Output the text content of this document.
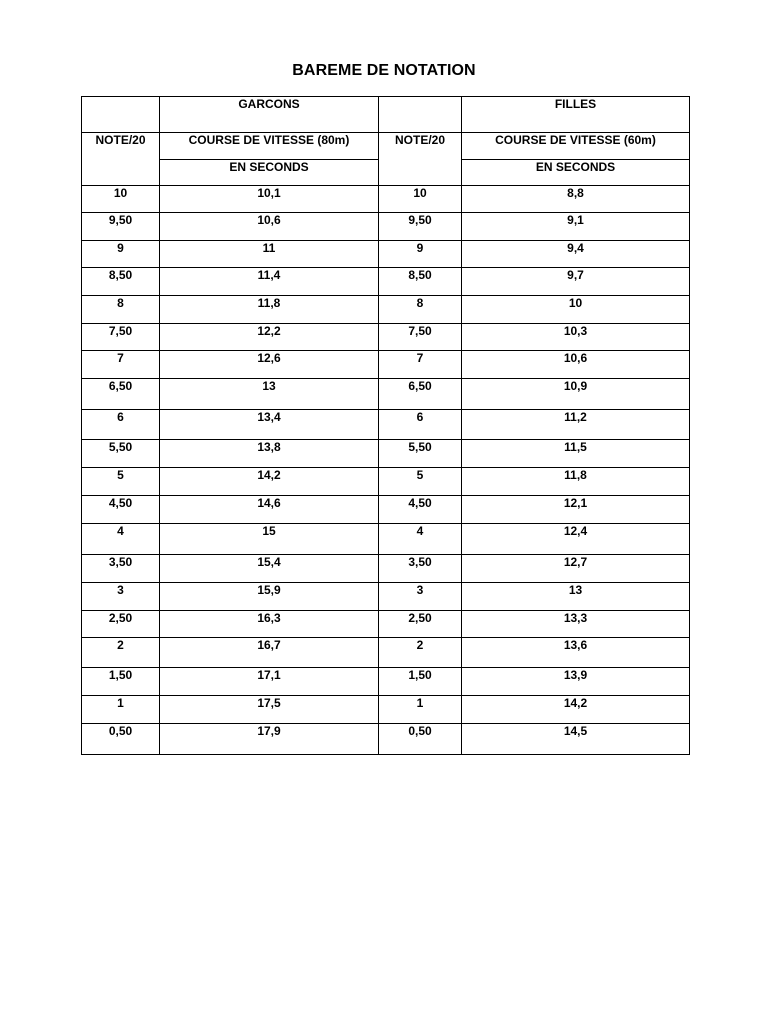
BAREME DE NOTATION
	GARCONS		FILLES
NOTE/20	COURSE DE VITESSE (80m)	NOTE/20	COURSE DE VITESSE (60m)
	EN SECONDS		EN SECONDS
10	10,1	10	8,8
9,50	10,6	9,50	9,1
9	11	9	9,4
8,50	11,4	8,50	9,7
8	11,8	8	10
7,50	12,2	7,50	10,3
7	12,6	7	10,6
6,50	13	6,50	10,9
6	13,4	6	11,2
5,50	13,8	5,50	11,5
5	14,2	5	11,8
4,50	14,6	4,50	12,1
4	15	4	12,4
3,50	15,4	3,50	12,7
3	15,9	3	13
2,50	16,3	2,50	13,3
2	16,7	2	13,6
1,50	17,1	1,50	13,9
1	17,5	1	14,2
0,50	17,9	0,50	14,5
